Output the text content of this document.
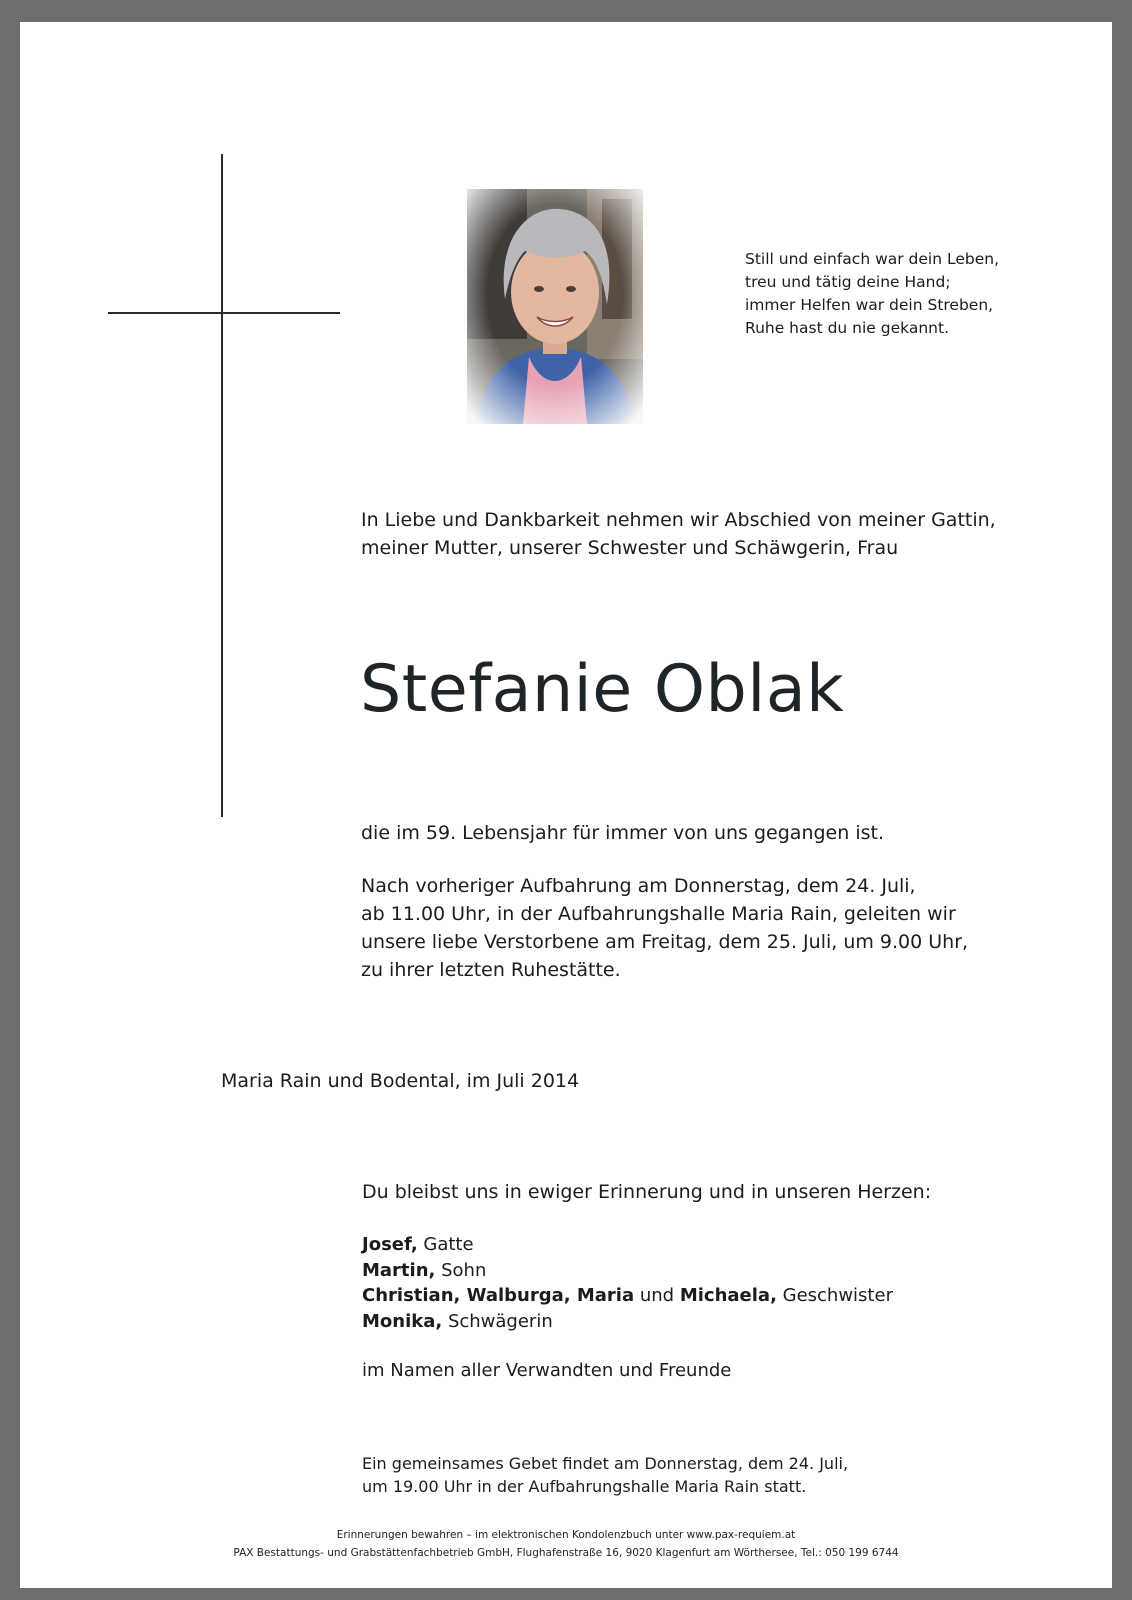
Still und einfach war dein Leben,
treu und tätig deine Hand;
immer Helfen war dein Streben,
Ruhe hast du nie gekannt.
In Liebe und Dankbarkeit nehmen wir Abschied von meiner Gattin,
meiner Mutter, unserer Schwester und Schäwgerin, Frau
Stefanie Oblak
die im 59. Lebensjahr für immer von uns gegangen ist.
Nach vorheriger Aufbahrung am Donnerstag, dem 24. Juli,
ab 11.00 Uhr, in der Aufbahrungshalle Maria Rain, geleiten wir
unsere liebe Verstorbene am Freitag, dem 25. Juli, um 9.00 Uhr,
zu ihrer letzten Ruhestätte.
Maria Rain und Bodental, im Juli 2014
Du bleibst uns in ewiger Erinnerung und in unseren Herzen:
Josef, Gatte
Martin, Sohn
Christian, Walburga, Maria und Michaela, Geschwister
Monika, Schwägerin
im Namen aller Verwandten und Freunde
Ein gemeinsames Gebet findet am Donnerstag, dem 24. Juli,
um 19.00 Uhr in der Aufbahrungshalle Maria Rain statt.
Erinnerungen bewahren – im elektronischen Kondolenzbuch unter www.pax-requiem.at
PAX Bestattungs- und Grabstättenfachbetrieb GmbH, Flughafenstraße 16, 9020 Klagenfurt am Wörthersee, Tel.: 050 199 6744
